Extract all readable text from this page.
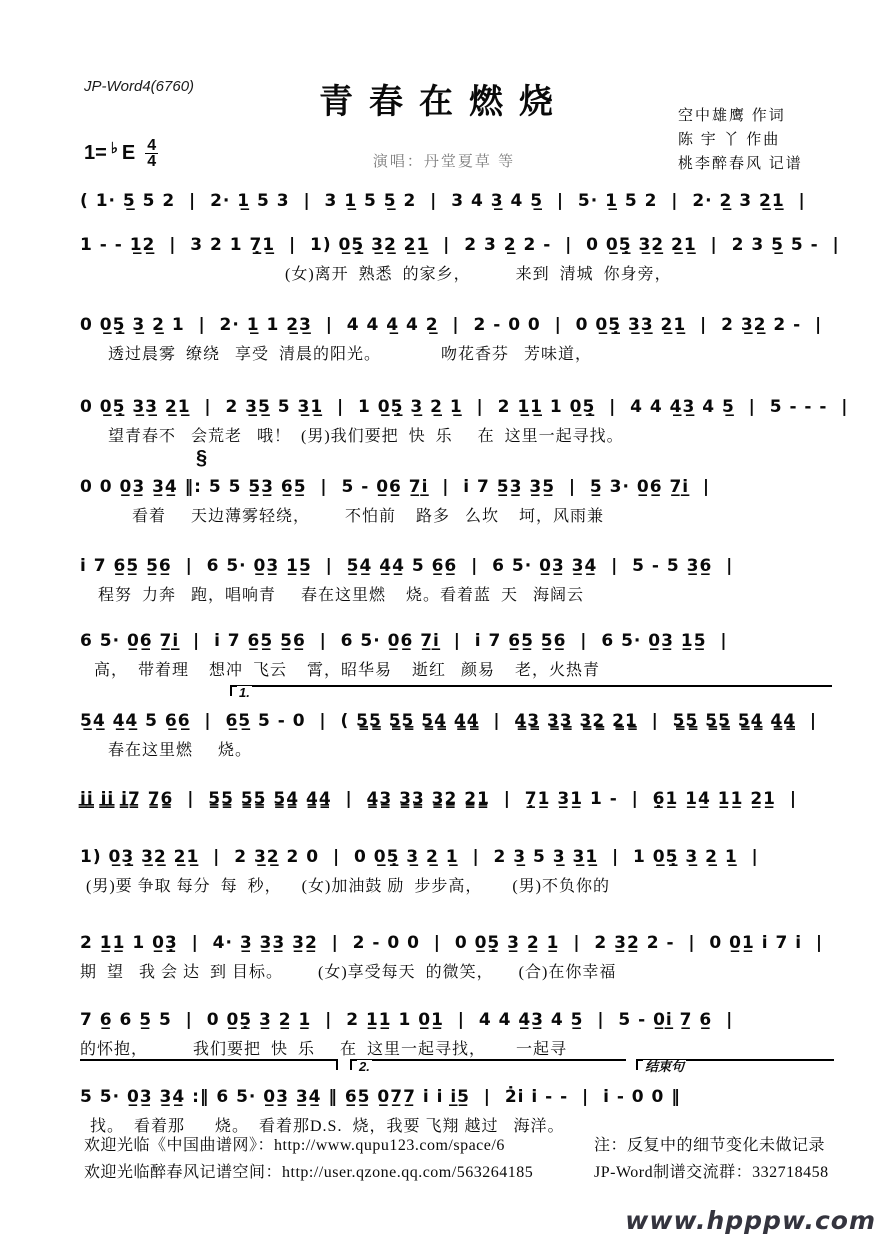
JP-Word4(6760)	青春在燃烧
演唱：丹堂夏草 等
空中雄鹰 作词
陈 宇 丫 作曲
桃李醉春风 记谱
1= ♭ E $\frac{4}{4}$
( 1· 5̲ 5 2  |  2· 1̲ 5 3  |  3 1̲ 5 5̲ 2  |  3 4 3̲ 4 5̲  |  5· 1̲ 5 2  |  2· 2̲ 3 2̲1̲  |
1 - - 1̲2̲  |  3 2 1 7̣̲1̲  |  1) 0̲5̣̲ 3̲2̲ 2̲1̲  |  2 3 2̲ 2 -  |  0 0̲5̣̲ 3̲2̲ 2̲1̲  |  2 3 5̲ 5 -  |
(女)离开  熟悉  的家乡，         来到  清城  你身旁，
0 0̲5̣̲ 3̲ 2̲ 1  |  2· 1̲ 1 2̲3̲  |  4 4 4̲ 4 2̲  |  2 - 0 0  |  0 0̲5̣̲ 3̲3̲ 2̲1̲  |  2 3̲2̲ 2 -  |
透过晨雾  缭绕   享受  清晨的阳光。            吻花香芬   芳味道，
0 0̲5̣̲ 3̲3̲ 2̲1̲  |  2 3̲5̲ 5 3̲1̲  |  1 0̲5̣̲ 3̲ 2̲ 1̲  |  2 1̲1̲ 1 0̲5̣̲  |  4 4 4̲3̲ 4 5̲  |  5 - - -  |
望青春不   会荒老   哦！  (男)我们要把  快  乐     在  这里一起寻找。
§
0 0 0̲3̲ 3̲4̲ ‖: 5 5 5̲3̲ 6̲5̲  |  5 - 0̲6̲ 7̲i̲  |  i 7 5̲3̲ 3̲5̲  |  5̲ 3· 0̲6̲ 7̲i̲  |
看着     天边薄雾轻绕，       不怕前    路多   么坎    坷，风雨兼
i 7 6̲5̲ 5̲6̲  |  6 5· 0̲3̲ 1̲5̲  |  5̲4̲ 4̲4̲ 5 6̲6̲  |  6 5· 0̲3̲ 3̲4̲  |  5 - 5 3̲6̲  |
程努  力奔   跑，唱响青     春在这里燃    烧。看着蓝  天   海阔云
6 5· 0̲6̲ 7̲i̲  |  i 7 6̲5̲ 5̲6̲  |  6 5· 0̲6̲ 7̲i̲  |  i 7 6̲5̲ 5̲6̲  |  6 5· 0̲3̲ 1̲5̲  |
高，  带着理    想冲  飞云    霄，昭华易    逝红   颜易    老，火热青
1.
5̲4̲ 4̲4̲ 5 6̲6̲  |  6̲5̲ 5 - 0  |  ( 5̳5̳ 5̳5̳ 5̳4̳ 4̳4̳  |  4̳3̳ 3̳3̳ 3̳2̳ 2̳1̳  |  5̳5̳ 5̳5̳ 5̳4̳ 4̳4̳  |
春在这里燃     烧。
i̳i̳ i̳i̳ i̳7̳ 7̳6̳  |  5̳5̳ 5̳5̳ 5̳4̳ 4̳4̳  |  4̳3̳ 3̳3̳ 3̳2̳ 2̳1̳  |  7̣̲1̲ 3̲1̲ 1 -  |  6̣̲1̲ 1̲4̲ 1̲1̲ 2̲1̲  |
1) 0̲3̣̲ 3̲2̲ 2̲1̲  |  2 3̲2̲ 2 0  |  0 0̲5̣̲ 3̲ 2̲ 1̲  |  2 3̲ 5 3̲ 3̲1̲  |  1 0̲5̣̲ 3̲ 2̲ 1̲  |
(男)要 争取 每分  每  秒，    (女)加油鼓 励  步步高，      (男)不负你的
2 1̲1̲ 1 0̲3̣̲  |  4· 3̲ 3̲3̲ 3̲2̲  |  2 - 0 0  |  0 0̲5̣̲ 3̲ 2̲ 1̲  |  2 3̲2̲ 2 -  |  0 0̲1̲ i 7 i  |
期  望   我 会 达  到 目标。       (女)享受每天  的微笑，     (合)在你幸福
7 6̲ 6 5̲ 5  |  0 0̲5̣̲ 3̲ 2̲ 1̲  |  2 1̲1̲ 1 0̲1̲  |  4 4 4̲3̲ 4 5̲  |  5 - 0̲i̲ 7̲ 6̲  |
的怀抱，         我们要把  快  乐     在  这里一起寻找，      一起寻
2.	结束句
5 5· 0̲3̲ 3̲4̲ :‖ 6 5· 0̲3̲ 3̲4̲ ‖ 6̲5̲ 0̲7̲7̲ i i i̲5̲  |  2̇i i - -  |  i - 0 0 ‖
找。  看着那      烧。  看着那D.S.  烧，我要 飞翔 越过   海洋。
欢迎光临《中国曲谱网》：http://www.qupu123.com/space/6
欢迎光临醉春风记谱空间：http://user.qzone.qq.com/563264185
注：反复中的细节变化未做记录
JP-Word制谱交流群：332718458
www.hpppw.com
